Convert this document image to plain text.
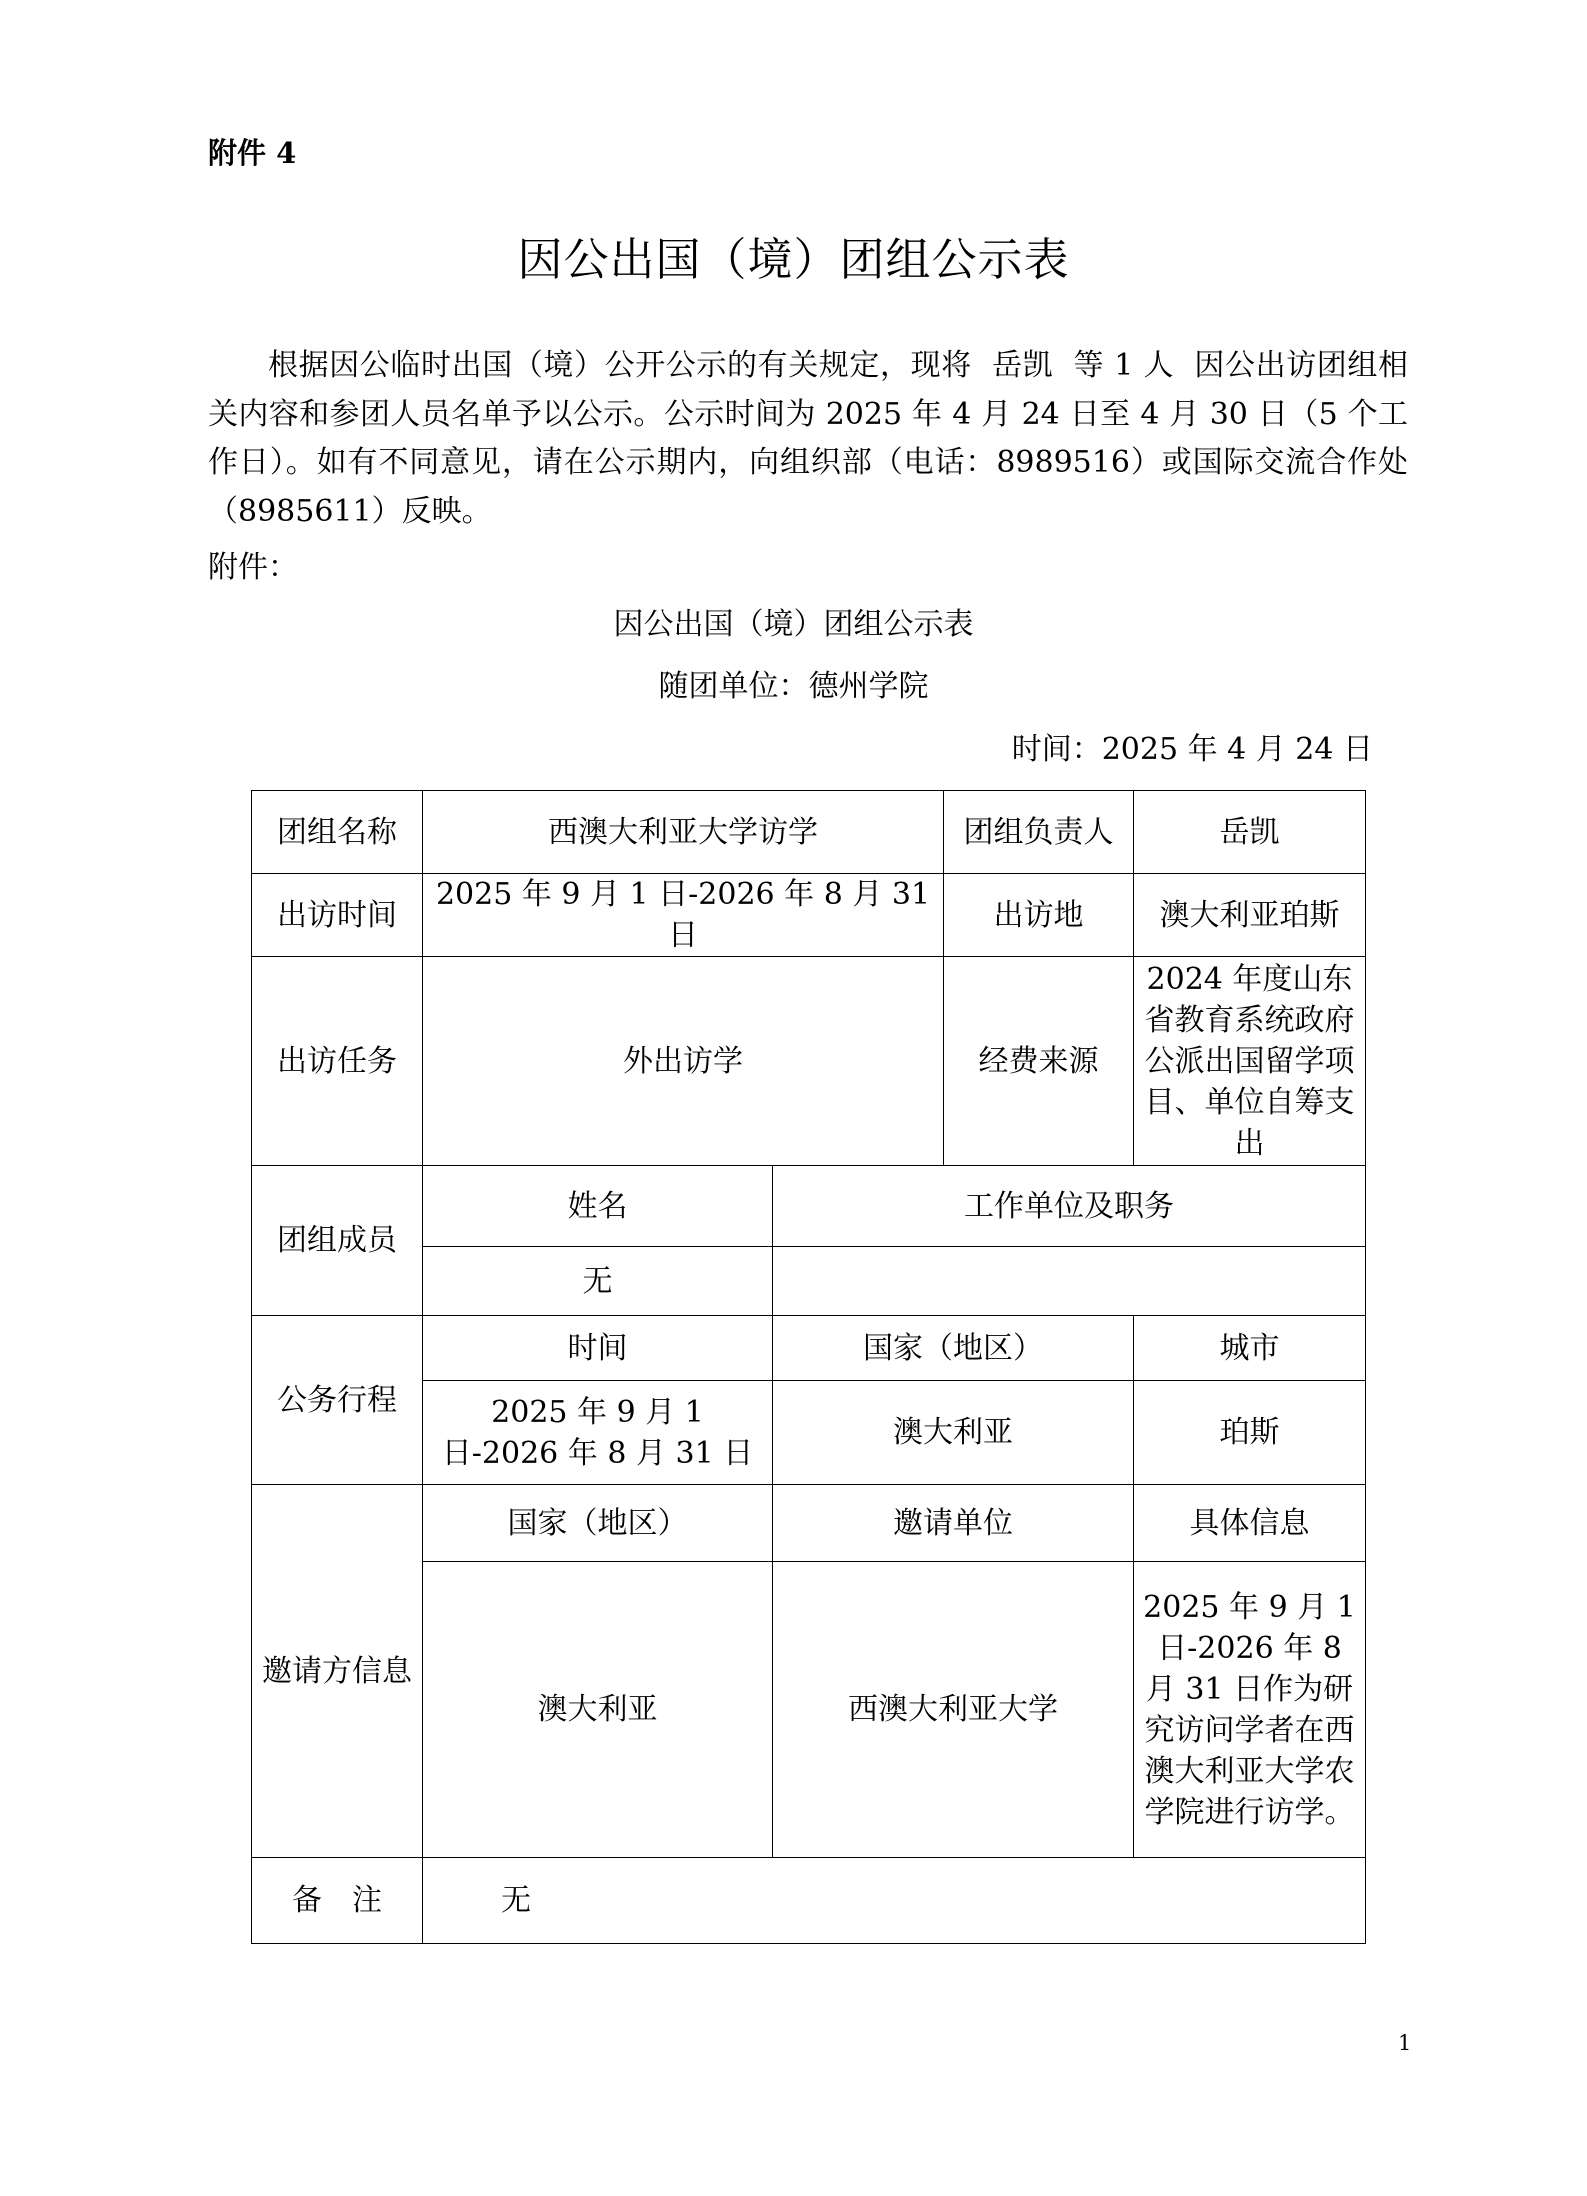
附件 4
因公出国（境）团组公示表

根据因公临时出国（境）公开公示的有关规定，现将  岳凯  等 1 人  因公出访团组相关内容和参团人员名单予以公示。公示时间为 2025 年 4 月 24 日至 4 月 30 日（5 个工作日）。如有不同意见，请在公示期内，向组织部（电话：8989516）或国际交流合作处（8985611）反映。

附件：
因公出国（境）团组公示表
随团单位：德州学院
时间：2025 年 4 月 24 日
团组名称	西澳大利亚大学访学		团组负责人	岳凯
出访时间	2025 年 9 月 1 日-2026 年 8 月 31 日		出访地	澳大利亚珀斯
出访任务	外出访学		经费来源	2024 年度山东省教育系统政府公派出国留学项目、单位自筹支出
团组成员	姓名	工作单位及职务		
	无			
公务行程	时间	国家（地区）		城市
	2025 年 9 月 1 日-2026 年 8 月 31 日	澳大利亚		珀斯
邀请方信息	国家（地区）	邀请单位		具体信息
	澳大利亚	西澳大利亚大学		2025 年 9 月 1 日-2026 年 8 月 31 日作为研究访问学者在西澳大利亚大学农学院进行访学。
备　注	无			
1
